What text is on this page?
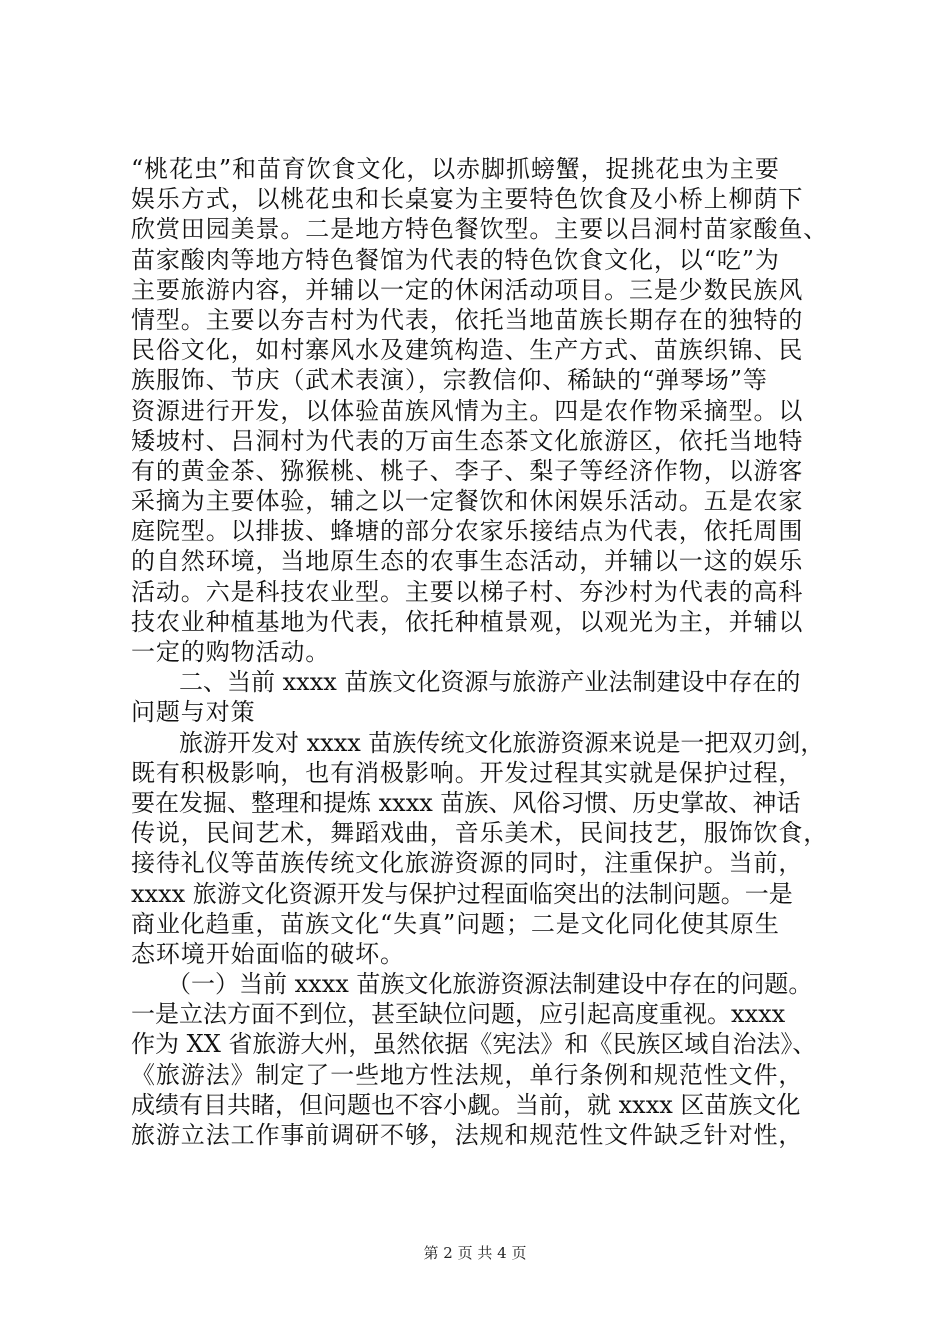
“桃花虫”和苗育饮食文化，以赤脚抓螃蟹，捉挑花虫为主要
娱乐方式，以桃花虫和长桌宴为主要特色饮食及小桥上柳荫下
欣赏田园美景。二是地方特色餐饮型。主要以吕洞村苗家酸鱼、
苗家酸肉等地方特色餐馆为代表的特色饮食文化，以“吃”为
主要旅游内容，并辅以一定的休闲活动项目。三是少数民族风
情型。主要以夯吉村为代表，依托当地苗族长期存在的独特的
民俗文化，如村寨风水及建筑构造、生产方式、苗族织锦、民
族服饰、节庆（武术表演），宗教信仰、稀缺的“弹琴场”等
资源进行开发，以体验苗族风情为主。四是农作物采摘型。以
矮坡村、吕洞村为代表的万亩生态茶文化旅游区，依托当地特
有的黄金茶、猕猴桃、桃子、李子、梨子等经济作物，以游客
采摘为主要体验，辅之以一定餐饮和休闲娱乐活动。五是农家
庭院型。以排拔、蜂塘的部分农家乐接结点为代表，依托周围
的自然环境，当地原生态的农事生态活动，并辅以一这的娱乐
活动。六是科技农业型。主要以梯子村、夯沙村为代表的高科
技农业种植基地为代表，依托种植景观，以观光为主，并辅以
一定的购物活动。
　　二、当前 xxxx 苗族文化资源与旅游产业法制建设中存在的
问题与对策
　　旅游开发对 xxxx 苗族传统文化旅游资源来说是一把双刃剑，
既有积极影响，也有消极影响。开发过程其实就是保护过程，
要在发掘、整理和提炼 xxxx 苗族、风俗习惯、历史掌故、神话
传说，民间艺术，舞蹈戏曲，音乐美术，民间技艺，服饰饮食，
接待礼仪等苗族传统文化旅游资源的同时，注重保护。当前，
xxxx 旅游文化资源开发与保护过程面临突出的法制问题。一是
商业化趋重，苗族文化“失真”问题；二是文化同化使其原生
态环境开始面临的破坏。
　　（一）当前 xxxx 苗族文化旅游资源法制建设中存在的问题。
一是立法方面不到位，甚至缺位问题，应引起高度重视。xxxx
作为 XX 省旅游大州，虽然依据《宪法》和《民族区域自治法》、
《旅游法》制定了一些地方性法规，单行条例和规范性文件，
成绩有目共睹，但问题也不容小觑。当前，就 xxxx 区苗族文化
旅游立法工作事前调研不够，法规和规范性文件缺乏针对性，
第 2 页 共 4 页
